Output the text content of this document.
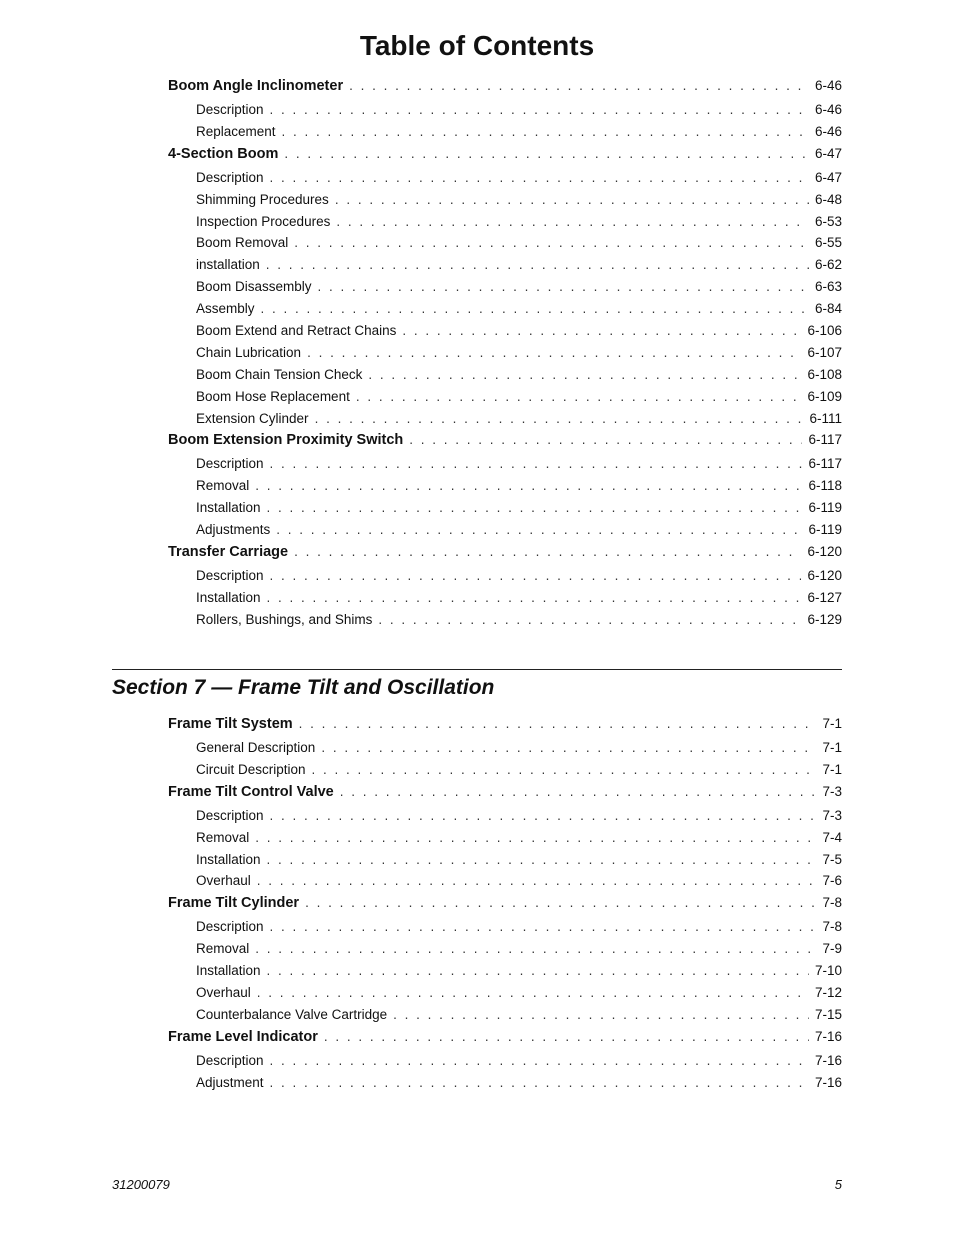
Table of Contents
Boom Angle Inclinometer . . .	6-46
Description . . .	6-46
Replacement . . .	6-46
4-Section Boom . . .	6-47
Description . . .	6-47
Shimming Procedures . . .	6-48
Inspection Procedures . . .	6-53
Boom Removal . . .	6-55
installation . . .	6-62
Boom Disassembly . . .	6-63
Assembly . . .	6-84
Boom Extend and Retract Chains . . .	6-106
Chain Lubrication . . .	6-107
Boom Chain Tension Check . . .	6-108
Boom Hose Replacement . . .	6-109
Extension Cylinder . . .	6-111
Boom Extension Proximity Switch . . .	6-117
Description . . .	6-117
Removal . . .	6-118
Installation . . .	6-119
Adjustments . . .	6-119
Transfer Carriage . . .	6-120
Description . . .	6-120
Installation . . .	6-127
Rollers, Bushings, and Shims . . .	6-129
Section 7 — Frame Tilt and Oscillation
Frame Tilt System . . .	7-1
General Description . . .	7-1
Circuit Description . . .	7-1
Frame Tilt Control Valve . . .	7-3
Description . . .	7-3
Removal . . .	7-4
Installation . . .	7-5
Overhaul . . .	7-6
Frame Tilt Cylinder . . .	7-8
Description . . .	7-8
Removal . . .	7-9
Installation . . .	7-10
Overhaul . . .	7-12
Counterbalance Valve Cartridge . . .	7-15
Frame Level Indicator . . .	7-16
Description . . .	7-16
Adjustment . . .	7-16
31200079	5
